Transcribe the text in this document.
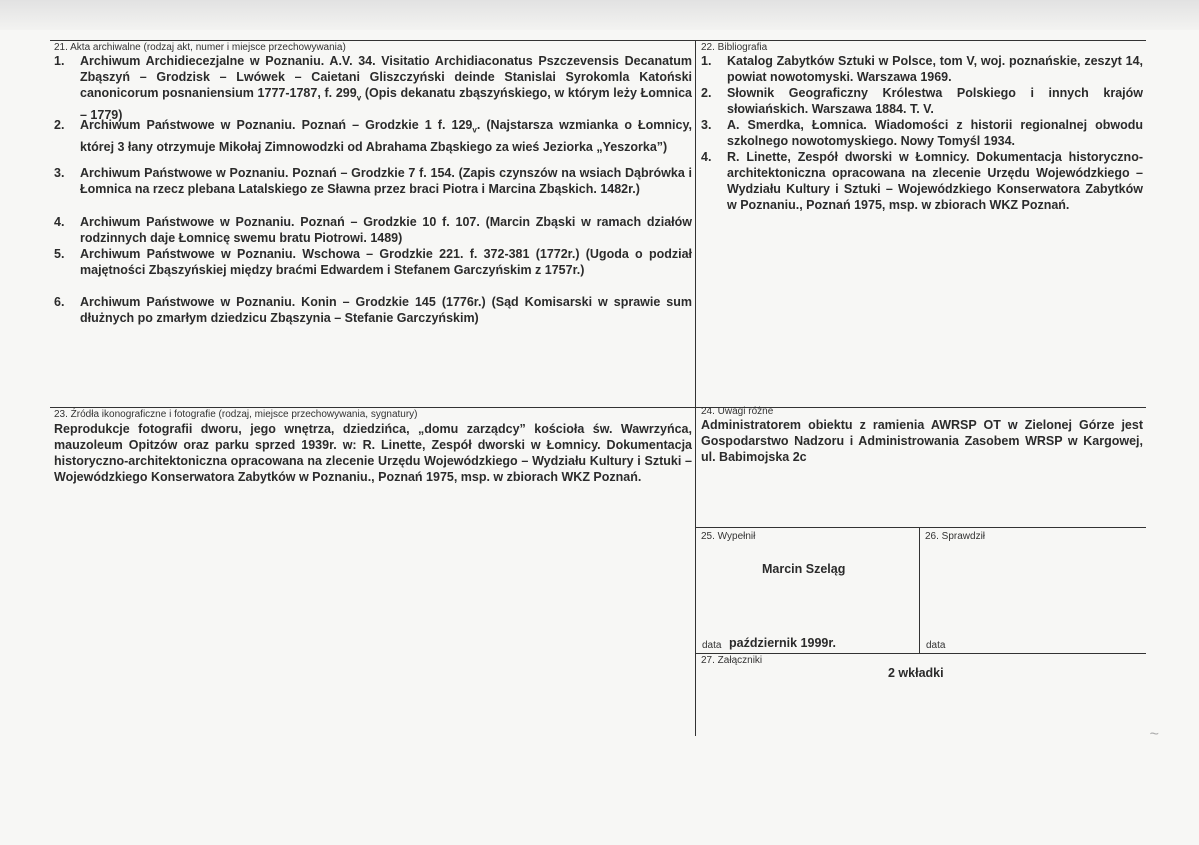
21. Akta archiwalne (rodzaj akt, numer i miejsce przechowywania)
1.	Archiwum Archidiecezjalne w Poznaniu. A.V. 34. Visitatio Archidiaconatus Pszczevensis Decanatum Zbąszyń – Grodzisk – Lwówek – Caietani Gliszczyński deinde Stanislai Syrokomla Katoński canonicorum posnaniensium 1777-1787, f. $299_v$ (Opis dekanatu zbąszyńskiego, w którym leży Łomnica – 1779)
2.	Archiwum Państwowe w Poznaniu. Poznań – Grodzkie 1 f. $129_v$. (Najstarsza wzmianka o Łomnicy, której 3 łany otrzymuje Mikołaj Zimnowodzki od Abrahama Zbąskiego za wieś Jeziorka „Yeszorka”)
3.	Archiwum Państwowe w Poznaniu. Poznań – Grodzkie 7 f. 154. (Zapis czynszów na wsiach Dąbrówka i Łomnica na rzecz plebana Latalskiego ze Sławna przez braci Piotra i Marcina Zbąskich. 1482r.)
4.	Archiwum Państwowe w Poznaniu. Poznań – Grodzkie 10 f. 107. (Marcin Zbąski w ramach działów rodzinnych daje Łomnicę swemu bratu Piotrowi. 1489)
5.	Archiwum Państwowe w Poznaniu. Wschowa – Grodzkie 221. f. 372-381 (1772r.) (Ugoda o podział majętności Zbąszyńskiej między braćmi Edwardem i Stefanem Garczyńskim z 1757r.)
6.	Archiwum Państwowe w Poznaniu. Konin – Grodzkie 145 (1776r.) (Sąd Komisarski w sprawie sum dłużnych po zmarłym dziedzicu Zbąszynia – Stefanie Garczyńskim)
22. Bibliografia
1.	Katalog Zabytków Sztuki w Polsce, tom V, woj. poznańskie, zeszyt 14, powiat nowotomyski. Warszawa 1969.
2.	Słownik Geograficzny Królestwa Polskiego i innych krajów słowiańskich. Warszawa 1884. T. V.
3.	A. Smerdka, Łomnica. Wiadomości z historii regionalnej obwodu szkolnego nowotomyskiego. Nowy Tomyśl 1934.
4.	R. Linette, Zespół dworski w Łomnicy. Dokumentacja historyczno-architektoniczna opracowana na zlecenie Urzędu Wojewódzkiego – Wydziału Kultury i Sztuki – Wojewódzkiego Konserwatora Zabytków w Poznaniu., Poznań 1975, msp. w zbiorach WKZ Poznań.
23. Źródła ikonograficzne i fotografie (rodzaj, miejsce przechowywania, sygnatury)
Reprodukcje fotografii dworu, jego wnętrza, dziedzińca, „domu zarządcy” kościoła św. Wawrzyńca, mauzoleum Opitzów oraz parku sprzed 1939r. w: R. Linette, Zespół dworski w Łomnicy. Dokumentacja historyczno-architektoniczna opracowana na zlecenie Urzędu Wojewódzkiego – Wydziału Kultury i Sztuki – Wojewódzkiego Konserwatora Zabytków w Poznaniu., Poznań 1975, msp. w zbiorach WKZ Poznań.
24. Uwagi różne
Administratorem obiektu z ramienia AWRSP OT w Zielonej Górze jest Gospodarstwo Nadzoru i Administrowania Zasobem WRSP w Kargowej, ul. Babimojska 2c
25. Wypełnił
Marcin Szeląg
data październik 1999r.
26. Sprawdził
data
27. Załączniki
2 wkładki
~
